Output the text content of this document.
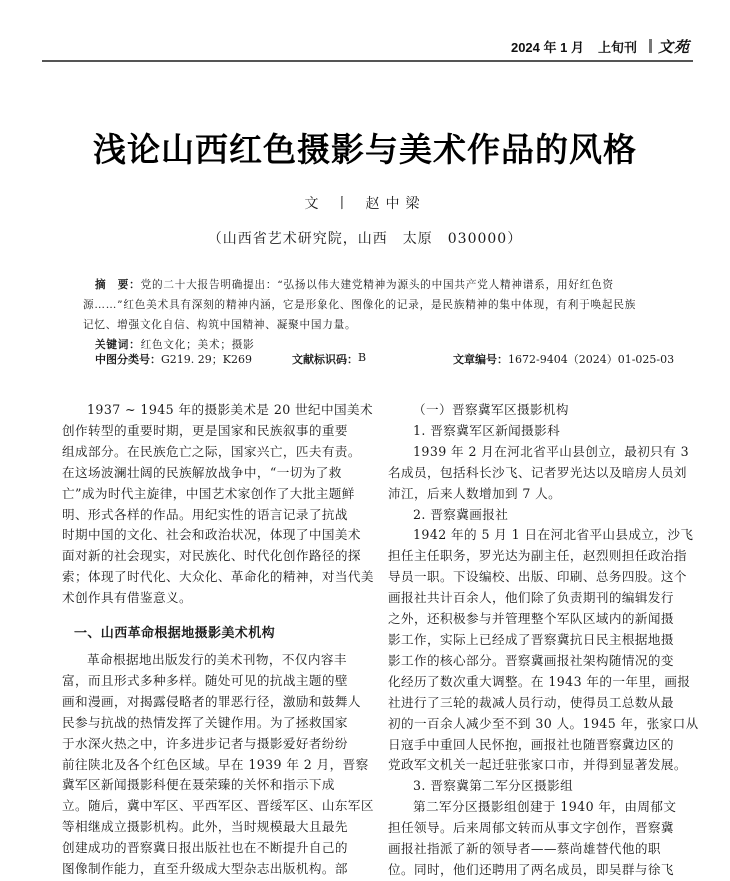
2024 年 1 月 上旬刊 文苑
浅论山西红色摄影与美术作品的风格
文 丨 赵中梁
（山西省艺术研究院，山西　太原　030000）

摘　要：党的二十大报告明确提出：“弘扬以伟大建党精神为源头的中国共产党人精神谱系，用好红色资

源……”红色美术具有深刻的精神内涵，它是形象化、图像化的记录，是民族精神的集中体现，有利于唤起民族

记忆、增强文化自信、构筑中国精神、凝聚中国力量。

关键词：红色文化；美术；摄影

中图分类号： G219. 29；K269	文献标识码： B	文章编号： 1672-9404（2024）01-025-03

1937 ~ 1945 年的摄影美术是 20 世纪中国美术

创作转型的重要时期，更是国家和民族叙事的重要

组成部分。在民族危亡之际，国家兴亡，匹夫有责。

在这场波澜壮阔的民族解放战争中，“一切为了救

亡”成为时代主旋律，中国艺术家创作了大批主题鲜

明、形式各样的作品。用纪实性的语言记录了抗战

时期中国的文化、社会和政治状况，体现了中国美术

面对新的社会现实，对民族化、时代化创作路径的探

索；体现了时代化、大众化、革命化的精神，对当代美

术创作具有借鉴意义。

一、山西革命根据地摄影美术机构

革命根据地出版发行的美术刊物，不仅内容丰

富，而且形式多种多样。随处可见的抗战主题的壁

画和漫画，对揭露侵略者的罪恶行径，激励和鼓舞人

民参与抗战的热情发挥了关键作用。为了拯救国家

于水深火热之中，许多进步记者与摄影爱好者纷纷

前往陕北及各个红色区域。早在 1939 年 2 月，晋察

冀军区新闻摄影科便在聂荣臻的关怀和指示下成

立。随后，冀中军区、平西军区、晋绥军区、山东军区

等相继成立摄影机构。此外，当时规模最大且最先

创建成功的晋察冀日报出版社也在不断提升自己的

图像制作能力，直至升级成大型杂志出版机构。部

（一）晋察冀军区摄影机构

1. 晋察冀军区新闻摄影科

1939 年 2 月在河北省平山县创立，最初只有 3

名成员，包括科长沙飞、记者罗光达以及暗房人员刘

沛江，后来人数增加到 7 人。

2. 晋察冀画报社

1942 年的 5 月 1 日在河北省平山县成立，沙飞

担任主任职务，罗光达为副主任，赵烈则担任政治指

导员一职。下设编校、出版、印刷、总务四股。这个

画报社共计百余人，他们除了负责期刊的编辑发行

之外，还积极参与并管理整个军队区域内的新闻摄

影工作，实际上已经成了晋察冀抗日民主根据地摄

影工作的核心部分。晋察冀画报社架构随情况的变

化经历了数次重大调整。在 1943 年的一年里，画报

社进行了三轮的裁减人员行动，使得员工总数从最

初的一百余人减少至不到 30 人。1945 年，张家口从

日寇手中重回人民怀抱，画报社也随晋察冀边区的

党政军文机关一起迁驻张家口市，并得到显著发展。

3. 晋察冀第二军分区摄影组

第二军分区摄影组创建于 1940 年，由周郁文

担任领导。后来周郁文转而从事文字创作，晋察冀

画报社指派了新的领导者——蔡尚雄替代他的职

位。同时，他们还聘用了两名成员，即吴群与徐飞
